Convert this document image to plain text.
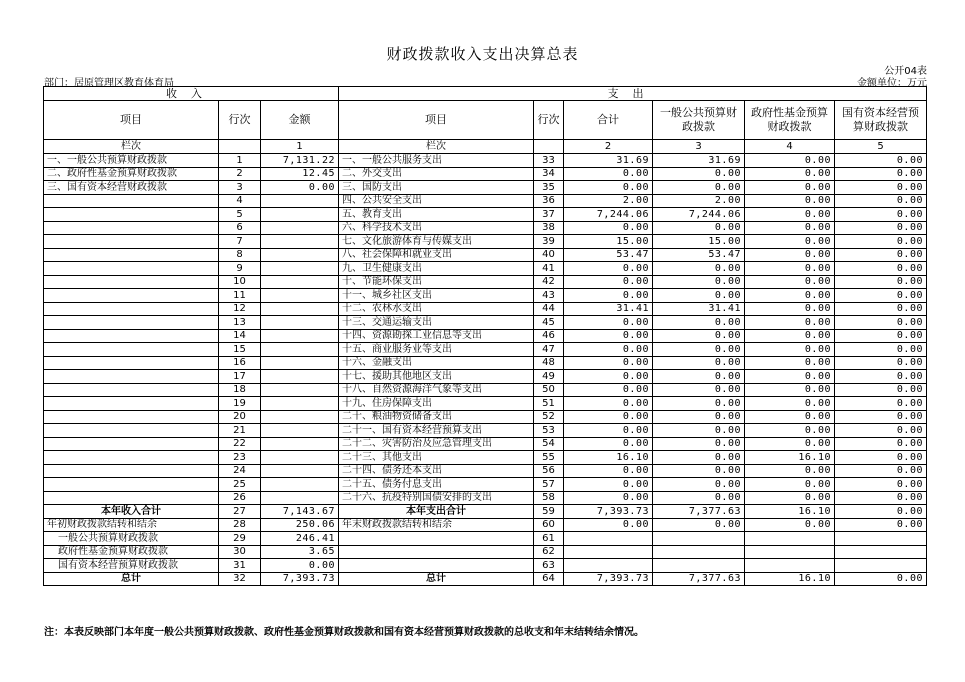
财政拨款收入支出决算总表
公开04表
部门：居原管理区教育体育局	金额单位：万元
收入			支出					
项目	行次	金额	项目	行次	合计	一般公共预算财政拨款	政府性基金预算财政拨款	国有资本经营预算财政拨款
栏次		1	栏次		2	3	4	5
一、一般公共预算财政拨款	1	7,131.22	一、一般公共服务支出	33	31.69	31.69	0.00	0.00
二、政府性基金预算财政拨款	2	12.45	二、外交支出	34	0.00	0.00	0.00	0.00
三、国有资本经营财政拨款	3	0.00	三、国防支出	35	0.00	0.00	0.00	0.00
	4		四、公共安全支出	36	2.00	2.00	0.00	0.00
	5		五、教育支出	37	7,244.06	7,244.06	0.00	0.00
	6		六、科学技术支出	38	0.00	0.00	0.00	0.00
	7		七、文化旅游体育与传媒支出	39	15.00	15.00	0.00	0.00
	8		八、社会保障和就业支出	40	53.47	53.47	0.00	0.00
	9		九、卫生健康支出	41	0.00	0.00	0.00	0.00
	10		十、节能环保支出	42	0.00	0.00	0.00	0.00
	11		十一、城乡社区支出	43	0.00	0.00	0.00	0.00
	12		十二、农林水支出	44	31.41	31.41	0.00	0.00
	13		十三、交通运输支出	45	0.00	0.00	0.00	0.00
	14		十四、资源勘探工业信息等支出	46	0.00	0.00	0.00	0.00
	15		十五、商业服务业等支出	47	0.00	0.00	0.00	0.00
	16		十六、金融支出	48	0.00	0.00	0.00	0.00
	17		十七、援助其他地区支出	49	0.00	0.00	0.00	0.00
	18		十八、自然资源海洋气象等支出	50	0.00	0.00	0.00	0.00
	19		十九、住房保障支出	51	0.00	0.00	0.00	0.00
	20		二十、粮油物资储备支出	52	0.00	0.00	0.00	0.00
	21		二十一、国有资本经营预算支出	53	0.00	0.00	0.00	0.00
	22		二十二、灾害防治及应急管理支出	54	0.00	0.00	0.00	0.00
	23		二十三、其他支出	55	16.10	0.00	16.10	0.00
	24		二十四、债务还本支出	56	0.00	0.00	0.00	0.00
	25		二十五、债务付息支出	57	0.00	0.00	0.00	0.00
	26		二十六、抗疫特别国债安排的支出	58	0.00	0.00	0.00	0.00
本年收入合计	27	7,143.67	本年支出合计	59	7,393.73	7,377.63	16.10	0.00
年初财政拨款结转和结余	28	250.06	年末财政拨款结转和结余	60	0.00	0.00	0.00	0.00
一般公共预算财政拨款	29	246.41		61				
政府性基金预算财政拨款	30	3.65		62				
国有资本经营预算财政拨款	31	0.00		63				
总计	32	7,393.73	总计	64	7,393.73	7,377.63	16.10	0.00
注：本表反映部门本年度一般公共预算财政拨款、政府性基金预算财政拨款和国有资本经营预算财政拨款的总收支和年末结转结余情况。
